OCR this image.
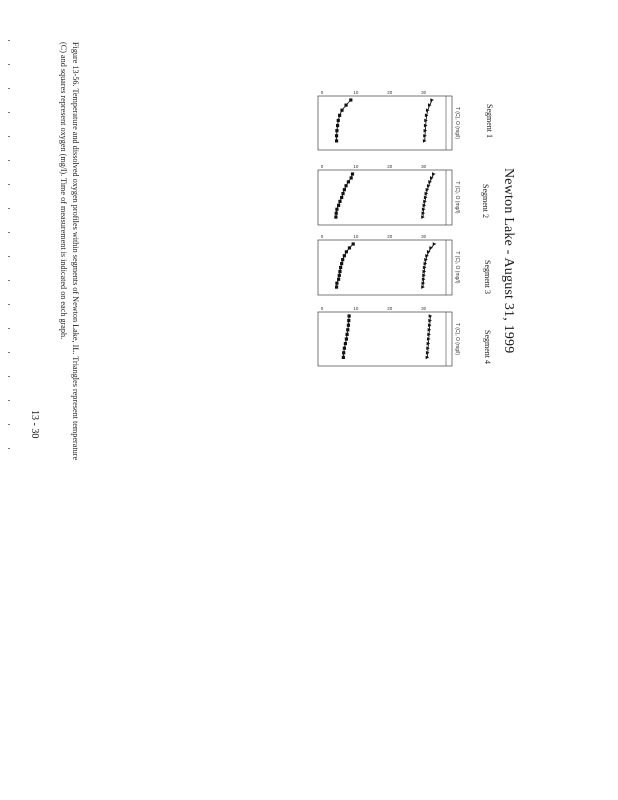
Newton Lake - August 31, 1999
Figure 13-56. Temperature and dissolved oxygen profiles within segments of Newton Lake, IL. Triangles represent temperature
(C) and squares represent oxygen (mg/l). Time of measurement is indicated on each graph.
13 - 30
Segment 1
Segment 2
Segment 3
Segment 4
0	10	20	30
T (C), O (mg/l)
0	10	20	30
T (C), O (mg/l)
0	10	20	30
T (C), O (mg/l)
0	10	20	30
T (C), O (mg/l)
